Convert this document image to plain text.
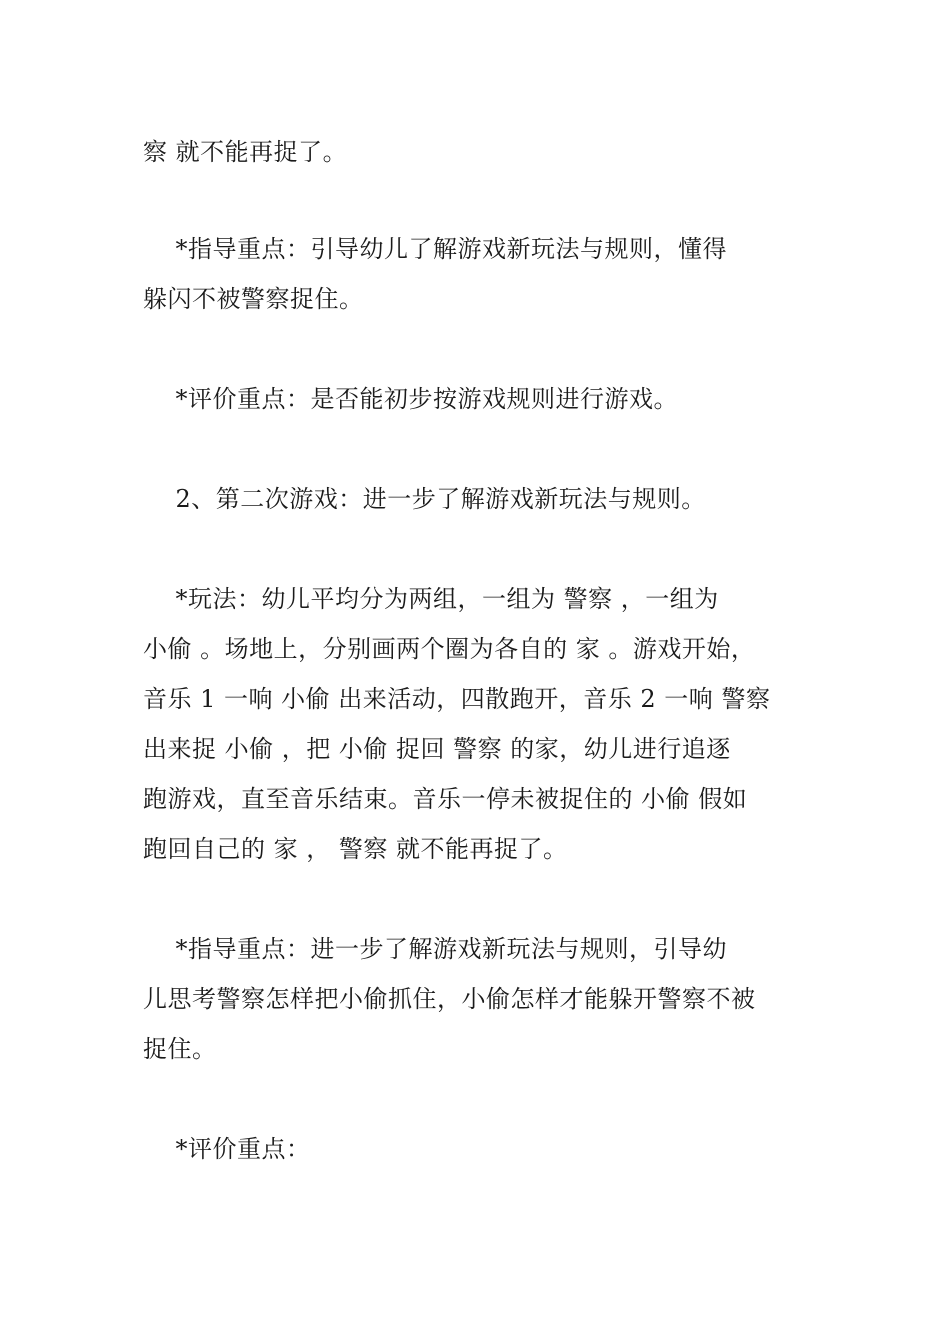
察 就不能再捉了。
*指导重点：引导幼儿了解游戏新玩法与规则，懂得
躲闪不被警察捉住。
*评价重点：是否能初步按游戏规则进行游戏。
2、第二次游戏：进一步了解游戏新玩法与规则。
*玩法：幼儿平均分为两组，一组为 警察 ，一组为
小偷 。场地上，分别画两个圈为各自的 家 。游戏开始，
音乐 1 一响 小偷 出来活动，四散跑开，音乐 2 一响 警察
出来捉 小偷 ，把 小偷 捉回 警察 的家，幼儿进行追逐
跑游戏，直至音乐结束。音乐一停未被捉住的 小偷 假如
跑回自己的 家 ， 警察 就不能再捉了。
*指导重点：进一步了解游戏新玩法与规则，引导幼
儿思考警察怎样把小偷抓住，小偷怎样才能躲开警察不被
捉住。
*评价重点：
